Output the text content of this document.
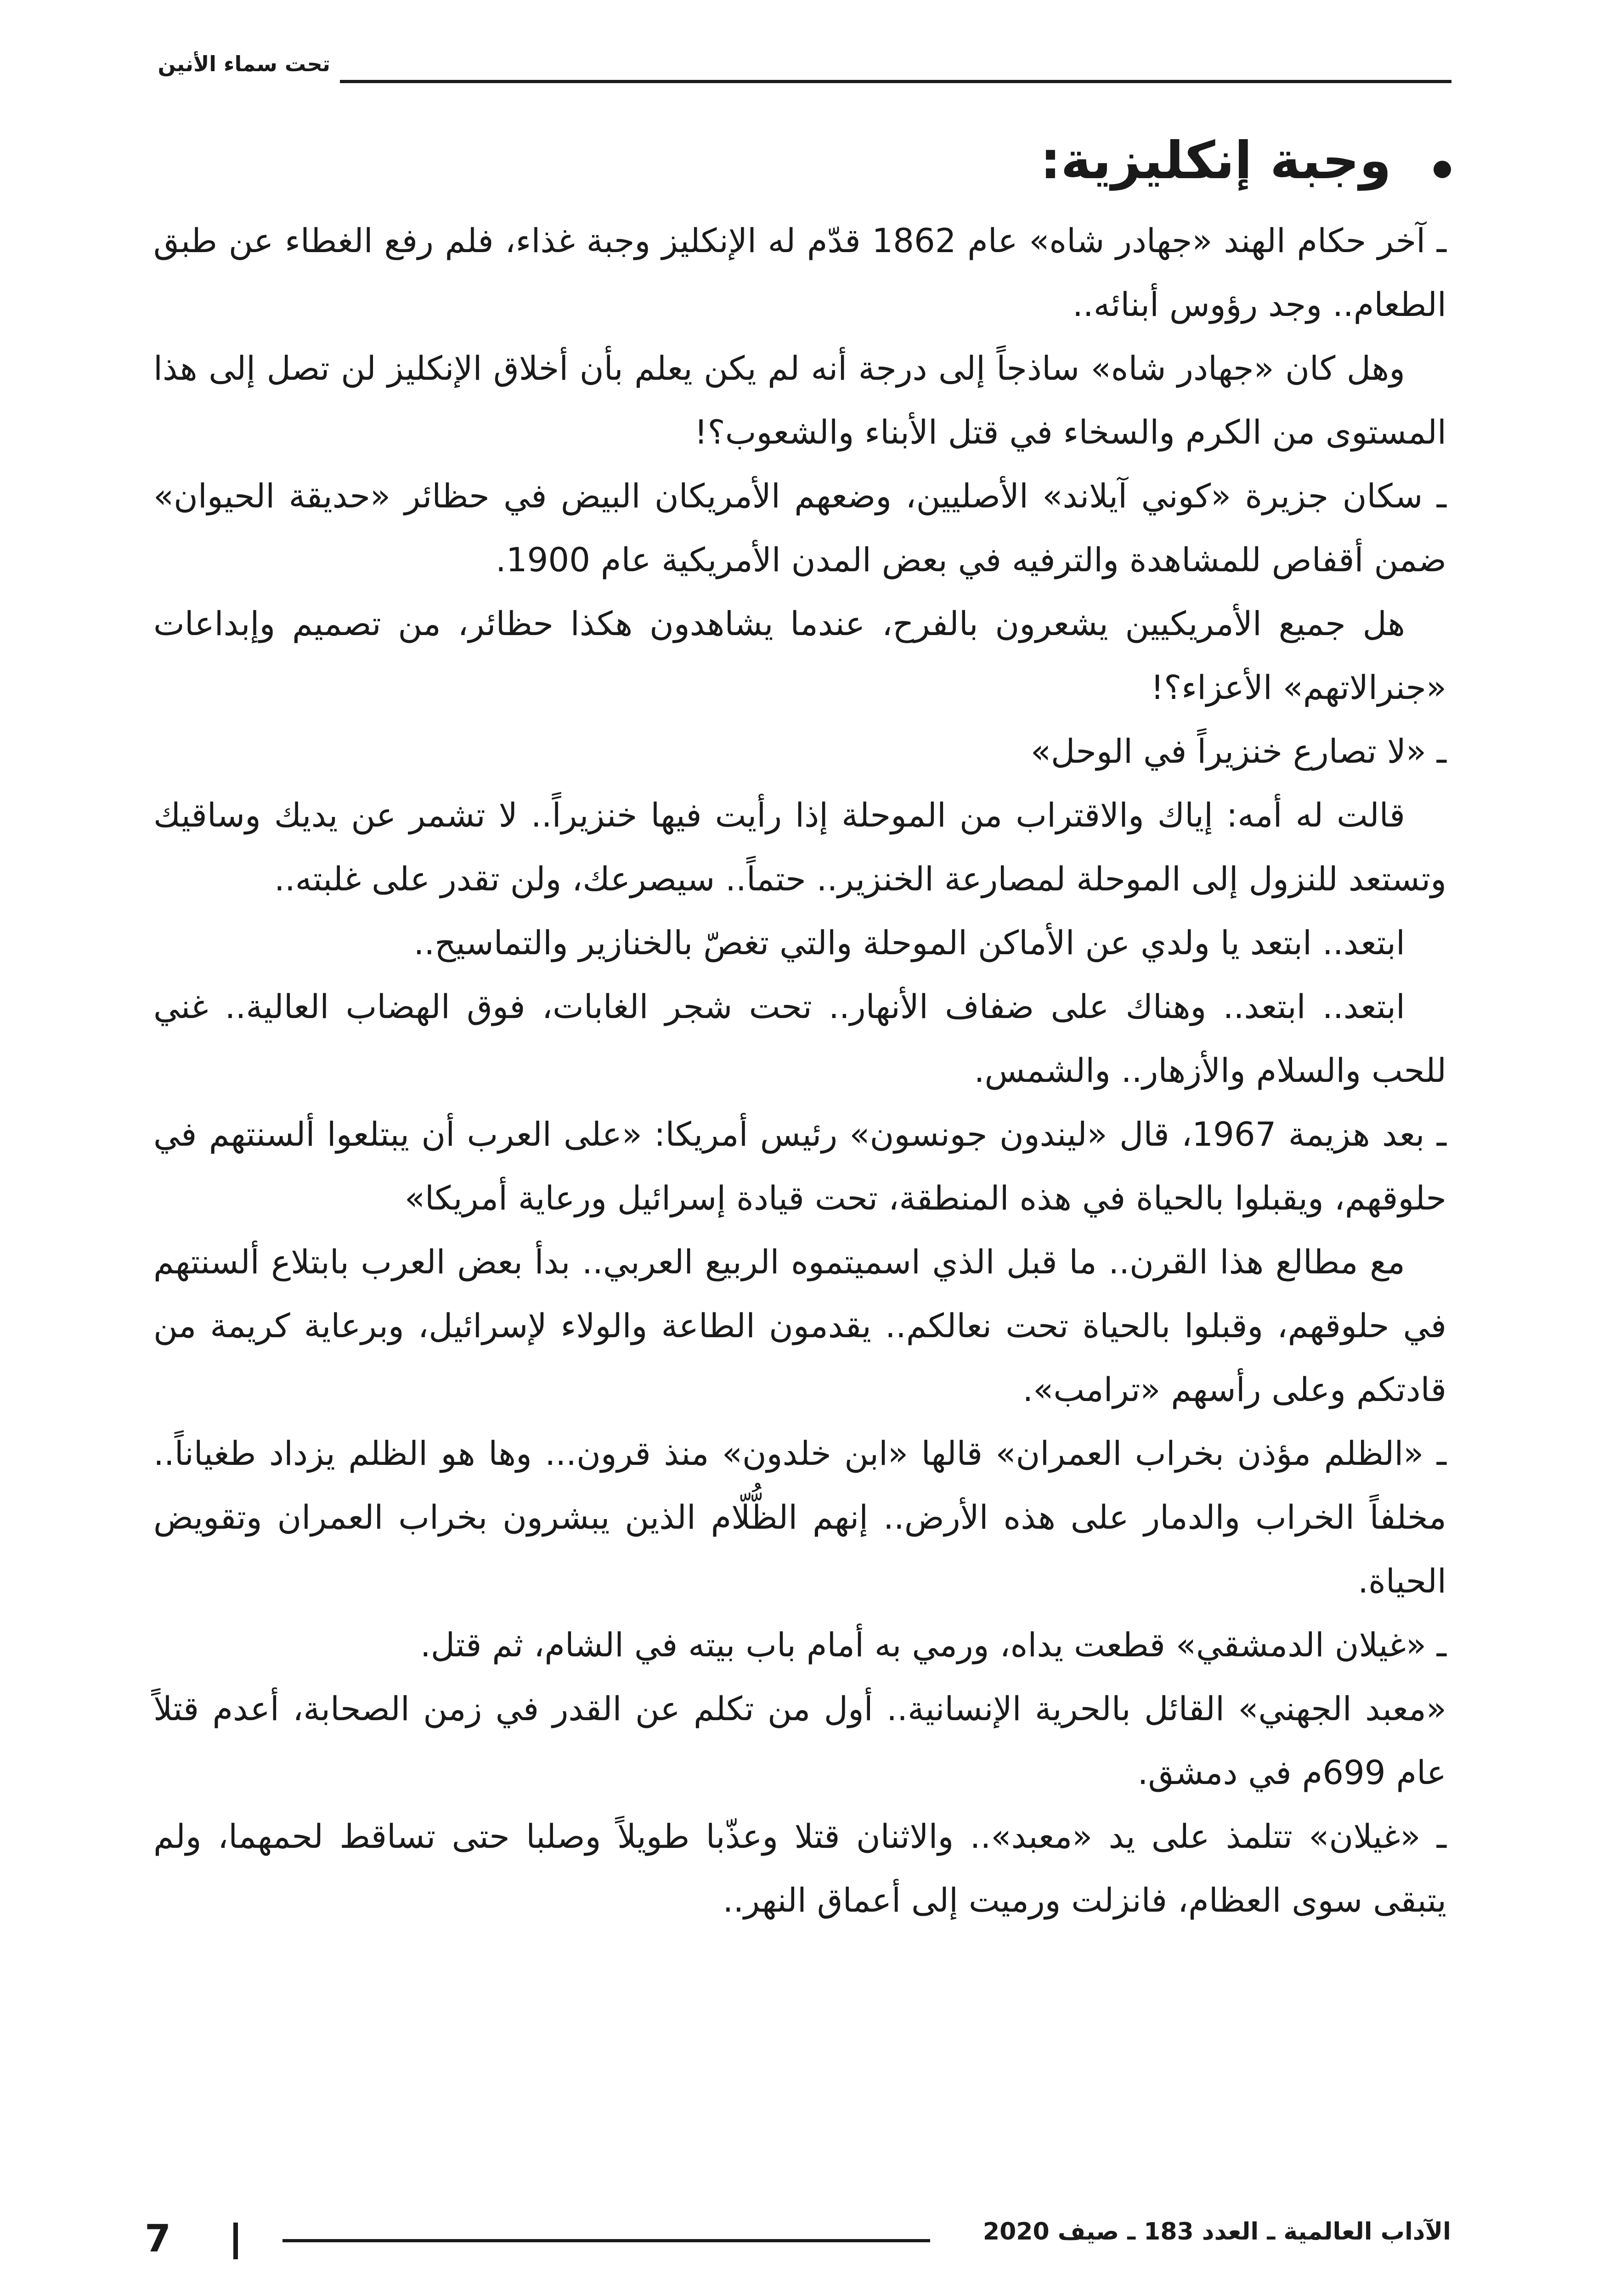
تحت سماء الأنين
وجبة إنكليزية:

ـ آخر حكام الهند «جهادر شاه» عام 1862 قدّم له الإنكليز وجبة غذاء، فلم رفع الغطاء عن طبق الطعام.. وجد رؤوس أبنائه..

وهل كان «جهادر شاه» ساذجاً إلى درجة أنه لم يكن يعلم بأن أخلاق الإنكليز لن تصل إلى هذا المستوى من الكرم والسخاء في قتل الأبناء والشعوب؟!

ـ سكان جزيرة «كوني آيلاند» الأصليين، وضعهم الأمريكان البيض في حظائر «حديقة الحيوان» ضمن أقفاص للمشاهدة والترفيه في بعض المدن الأمريكية عام 1900.

هل جميع الأمريكيين يشعرون بالفرح، عندما يشاهدون هكذا حظائر، من تصميم وإبداعات «جنرالاتهم» الأعزاء؟!

ـ «لا تصارع خنزيراً في الوحل»

قالت له أمه: إياك والاقتراب من الموحلة إذا رأيت فيها خنزيراً.. لا تشمر عن يديك وساقيك وتستعد للنزول إلى الموحلة لمصارعة الخنزير.. حتماً.. سيصرعك، ولن تقدر على غلبته..

ابتعد.. ابتعد يا ولدي عن الأماكن الموحلة والتي تغصّ بالخنازير والتماسيح..

ابتعد.. ابتعد.. وهناك على ضفاف الأنهار.. تحت شجر الغابات، فوق الهضاب العالية.. غني للحب والسلام والأزهار.. والشمس.

ـ بعد هزيمة 1967، قال «ليندون جونسون» رئيس أمريكا: «على العرب أن يبتلعوا ألسنتهم في حلوقهم، ويقبلوا بالحياة في هذه المنطقة، تحت قيادة إسرائيل ورعاية أمريكا»

مع مطالع هذا القرن.. ما قبل الذي اسميتموه الربيع العربي.. بدأ بعض العرب بابتلاع ألسنتهم في حلوقهم، وقبلوا بالحياة تحت نعالكم.. يقدمون الطاعة والولاء لإسرائيل، وبرعاية كريمة من قادتكم وعلى رأسهم «ترامب».

ـ «الظلم مؤذن بخراب العمران» قالها «ابن خلدون» منذ قرون... وها هو الظلم يزداد طغياناً.. مخلفاً الخراب والدمار على هذه الأرض.. إنهم الظُّلّام الذين يبشرون بخراب العمران وتقويض الحياة.

ـ «غيلان الدمشقي» قطعت يداه، ورمي به أمام باب بيته في الشام، ثم قتل.

«معبد الجهني» القائل بالحرية الإنسانية.. أول من تكلم عن القدر في زمن الصحابة، أعدم قتلاً عام 699م في دمشق.

ـ «غيلان» تتلمذ على يد «معبد».. والاثنان قتلا وعذّبا طويلاً وصلبا حتى تساقط لحمهما، ولم يتبقى سوى العظام، فانزلت ورميت إلى أعماق النهر..

7	الآداب العالمية ـ العدد 183 ـ صيف 2020
